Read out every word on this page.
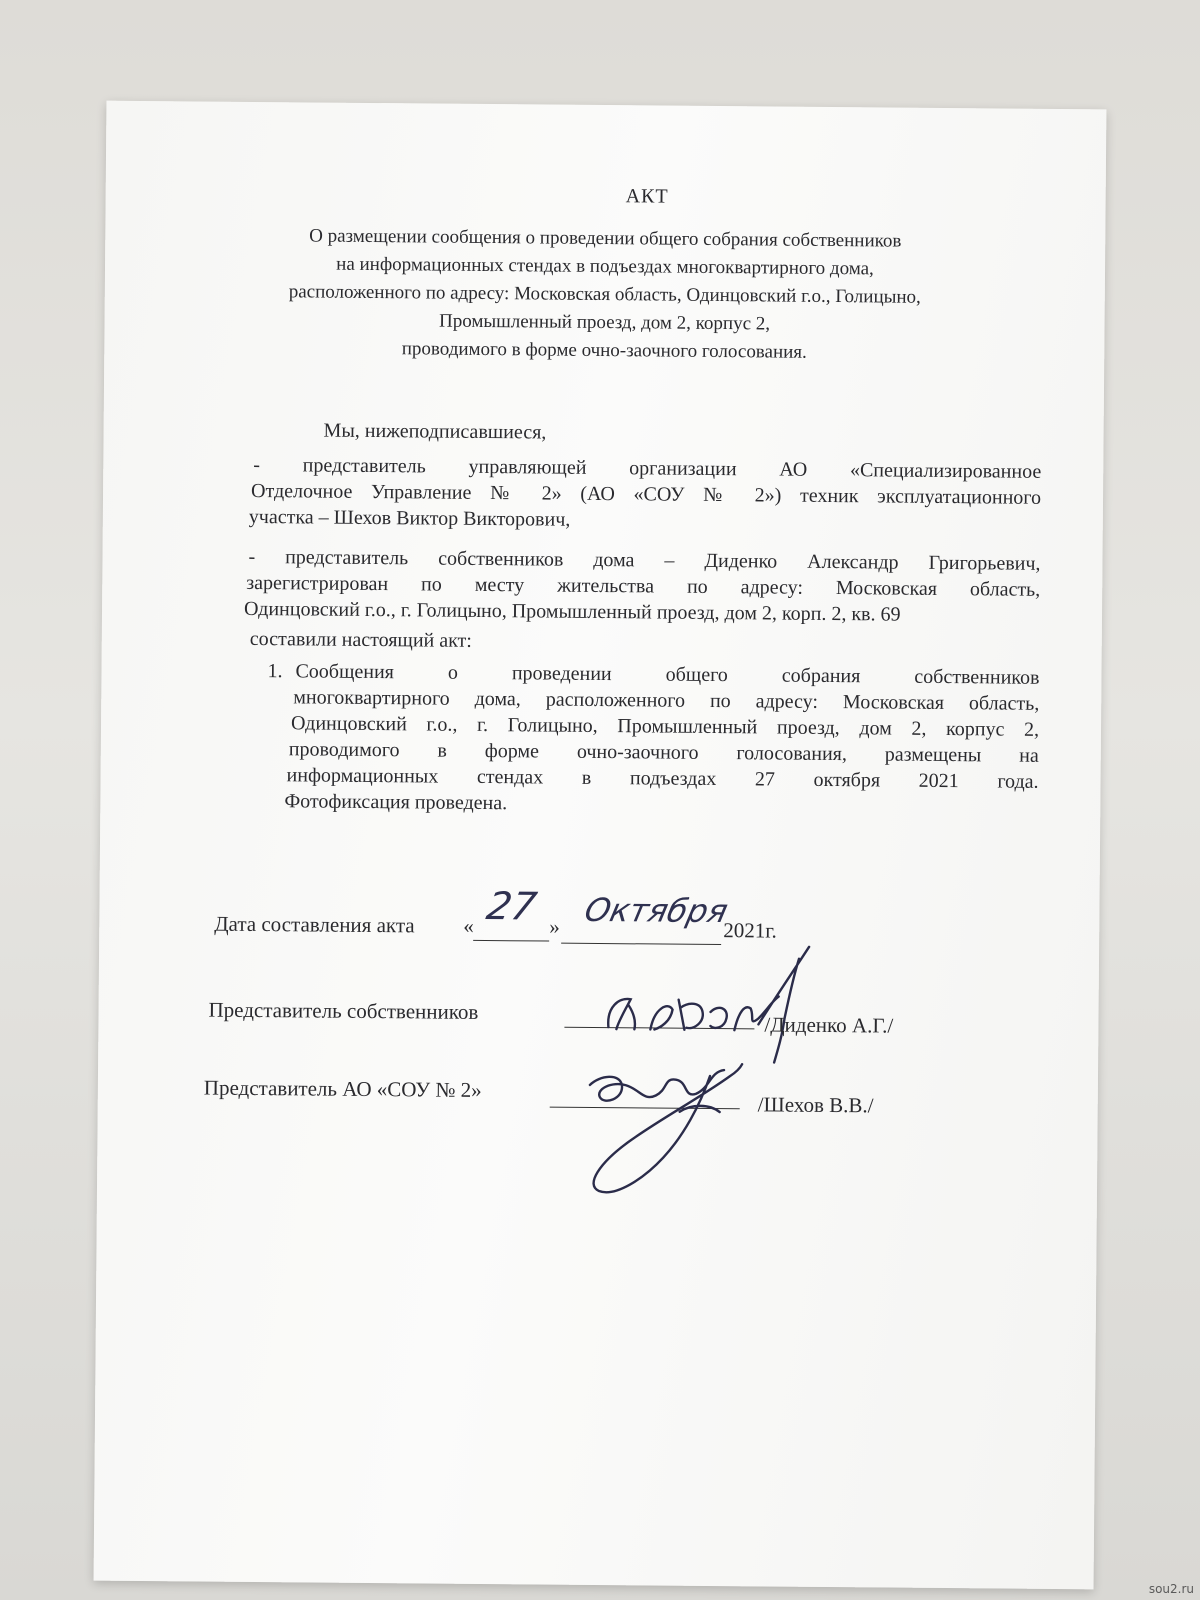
АКТ
О размещении сообщения о проведении общего собрания собственников
на информационных стендах в подъездах многоквартирного дома,
расположенного по адресу: Московская область, Одинцовский г.о., Голицыно,
Промышленный проезд, дом 2, корпус 2,
проводимого в форме очно-заочного голосования.
Мы, нижеподписавшиеся,
- представитель управляющей организации АО «Специализированное
Отделочное Управление № 2» (АО «СОУ № 2») техник эксплуатационного
участка – Шехов Виктор Викторович,
- представитель собственников дома – Диденко Александр Григорьевич,
зарегистрирован по месту жительства по адресу: Московская область,
Одинцовский г.о., г. Голицыно, Промышленный проезд, дом 2, корп. 2, кв. 69
составили настоящий акт:
1. Сообщения о проведении общего собрания собственников
многоквартирного дома, расположенного по адресу: Московская область,
Одинцовский г.о., г. Голицыно, Промышленный проезд, дом 2, корпус 2,
проводимого в форме очно-заочного голосования, размещены на
информационных стендах в подъездах 27 октября 2021 года.
Фотофиксация проведена.
Дата составления акта « 27 » Октября
2021г.
Представитель собственников
/Диденко А.Г./
Представитель АО «СОУ № 2»
/Шехов В.В./
sou2.ru
